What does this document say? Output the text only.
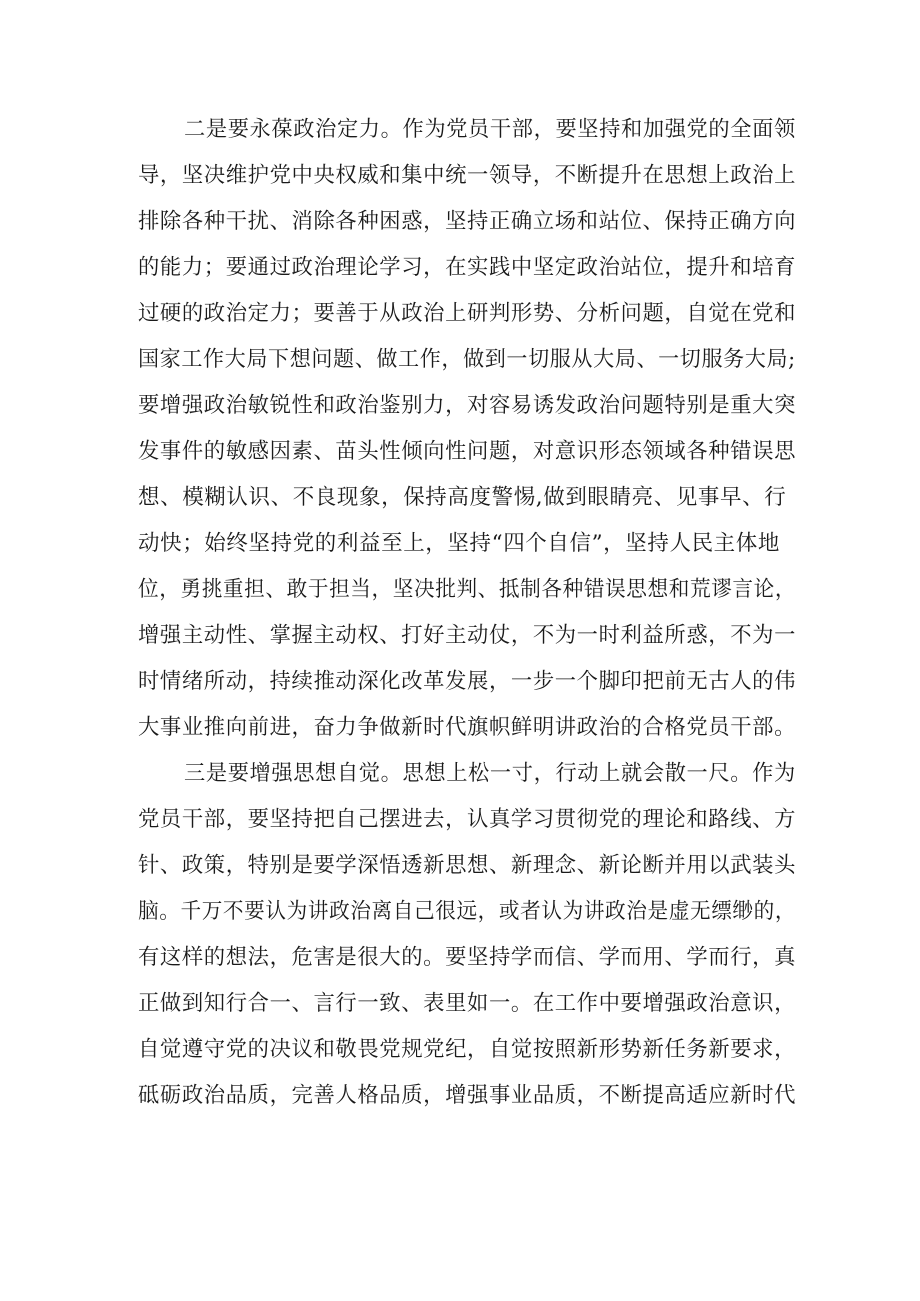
二是要永葆政治定力。作为党员干部，要坚持和加强党的全面领
导，坚决维护党中央权威和集中统一领导，不断提升在思想上政治上
排除各种干扰、消除各种困惑，坚持正确立场和站位、保持正确方向
的能力；要通过政治理论学习，在实践中坚定政治站位，提升和培育
过硬的政治定力；要善于从政治上研判形势、分析问题，自觉在党和
国家工作大局下想问题、做工作，做到一切服从大局、一切服务大局;
要增强政治敏锐性和政治鉴别力，对容易诱发政治问题特别是重大突
发事件的敏感因素、苗头性倾向性问题，对意识形态领域各种错误思
想、模糊认识、不良现象，保持高度警惕,做到眼睛亮、见事早、行
动快；始终坚持党的利益至上，坚持“四个自信”，坚持人民主体地
位，勇挑重担、敢于担当，坚决批判、抵制各种错误思想和荒谬言论，
增强主动性、掌握主动权、打好主动仗，不为一时利益所惑，不为一
时情绪所动，持续推动深化改革发展，一步一个脚印把前无古人的伟
大事业推向前进，奋力争做新时代旗帜鲜明讲政治的合格党员干部。
三是要增强思想自觉。思想上松一寸，行动上就会散一尺。作为
党员干部，要坚持把自己摆进去，认真学习贯彻党的理论和路线、方
针、政策，特别是要学深悟透新思想、新理念、新论断并用以武装头
脑。千万不要认为讲政治离自己很远，或者认为讲政治是虚无缥缈的，
有这样的想法，危害是很大的。要坚持学而信、学而用、学而行，真
正做到知行合一、言行一致、表里如一。在工作中要增强政治意识，
自觉遵守党的决议和敬畏党规党纪，自觉按照新形势新任务新要求，
砥砺政治品质，完善人格品质，增强事业品质，不断提高适应新时代
